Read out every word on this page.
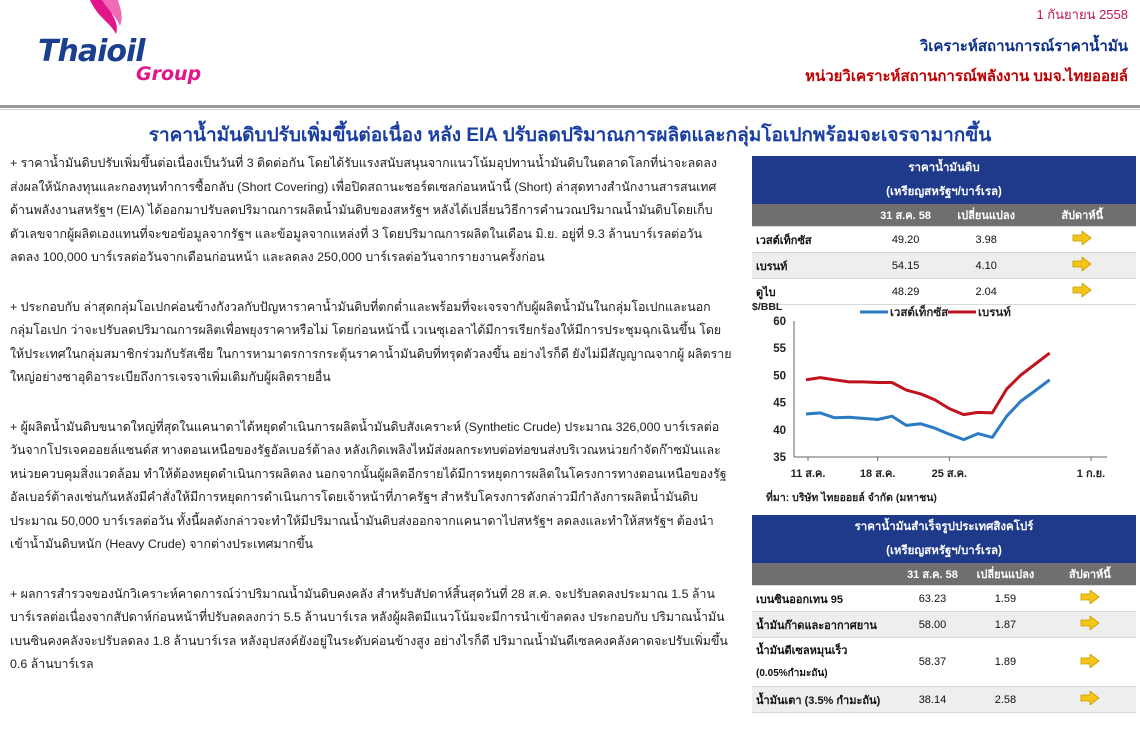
Thaioil
Group
1 กันยายน 2558
วิเคราะห์สถานการณ์ราคาน้ำมัน
หน่วยวิเคราะห์สถานการณ์พลังงาน บมจ.ไทยออยล์
ราคาน้ำมันดิบปรับเพิ่มขึ้นต่อเนื่อง หลัง EIA ปรับลดปริมาณการผลิตและกลุ่มโอเปกพร้อมจะเจรจามากขึ้น

+ ราคาน้ำมันดิบปรับเพิ่มขึ้นต่อเนื่องเป็นวันที่ 3 ติดต่อกัน โดยได้รับแรงสนับสนุนจากแนวโน้มอุปทานน้ำมันดิบในตลาดโลกที่น่าจะลดลง ส่งผลให้นักลงทุนและกองทุนทำการซื้อกลับ (Short Covering) เพื่อปิดสถานะชอร์ตเซลก่อนหน้านี้ (Short) ล่าสุดทางสำนักงานสารสนเทศด้านพลังงานสหรัฐฯ (EIA) ได้ออกมาปรับลดปริมาณการผลิตน้ำมันดิบของสหรัฐฯ หลังได้เปลี่ยนวิธีการคำนวณปริมาณน้ำมันดิบโดยเก็บตัวเลขจากผู้ผลิตเองแทนที่จะขอข้อมูลจากรัฐฯ และข้อมูลจากแหล่งที่ 3 โดยปริมาณการผลิตในเดือน มิ.ย. อยู่ที่ 9.3 ล้านบาร์เรลต่อวัน ลดลง 100,000 บาร์เรลต่อวันจากเดือนก่อนหน้า และลดลง 250,000 บาร์เรลต่อวันจากรายงานครั้งก่อน

+ ประกอบกับ ล่าสุดกลุ่มโอเปกค่อนข้างกังวลกับปัญหาราคาน้ำมันดิบที่ตกต่ำและพร้อมที่จะเจรจากับผู้ผลิตน้ำมันในกลุ่มโอเปกและนอกกลุ่มโอเปก ว่าจะปรับลดปริมาณการผลิตเพื่อพยุงราคาหรือไม่ โดยก่อนหน้านี้ เวเนซุเอลาได้มีการเรียกร้องให้มีการประชุมฉุกเฉินขึ้น โดยให้ประเทศในกลุ่มสมาชิกร่วมกับรัสเซีย ในการหามาตรการกระตุ้นราคาน้ำมันดิบที่ทรุดตัวลงขึ้น อย่างไรก็ดี ยังไม่มีสัญญาณจากผู้ ผลิตรายใหญ่อย่างซาอุดิอาระเบียถึงการเจรจาเพิ่มเติมกับผู้ผลิตรายอื่น

+ ผู้ผลิตน้ำมันดิบขนาดใหญ่ที่สุดในแคนาดาได้หยุดดำเนินการผลิตน้ำมันดิบสังเคราะห์ (Synthetic Crude) ประมาณ 326,000 บาร์เรลต่อวันจากโปรเจคออยล์แซนด์ส ทางตอนเหนือของรัฐอัลเบอร์ต้าลง หลังเกิดเพลิงไหม้ส่งผลกระทบต่อท่อขนส่งบริเวณหน่วยกำจัดก๊าซมันและหน่วยควบคุมสิ่งแวดล้อม ทำให้ต้องหยุดดำเนินการผลิตลง นอกจากนั้นผู้ผลิตอีกรายได้มีการหยุดการผลิตในโครงการทางตอนเหนือของรัฐอัลเบอร์ต้าลงเช่นกันหลังมีคำสั่งให้มีการหยุดการดำเนินการโดยเจ้าหน้าที่ภาครัฐฯ สำหรับโครงการดังกล่าวมีกำลังการผลิตน้ำมันดิบ ประมาณ 50,000 บาร์เรลต่อวัน ทั้งนี้ผลดังกล่าวจะทำให้มีปริมาณน้ำมันดิบส่งออกจากแคนาดาไปสหรัฐฯ ลดลงและทำให้สหรัฐฯ ต้องนำเข้าน้ำมันดิบหนัก (Heavy Crude) จากต่างประเทศมากขึ้น

+ ผลการสำรวจของนักวิเคราะห์คาดการณ์ว่าปริมาณน้ำมันดิบคงคลัง สำหรับสัปดาห์สิ้นสุดวันที่ 28 ส.ค. จะปรับลดลงประมาณ 1.5 ล้านบาร์เรลต่อเนื่องจากสัปดาห์ก่อนหน้าที่ปรับลดลงกว่า 5.5 ล้านบาร์เรล หลังผู้ผลิตมีแนวโน้มจะมีการนำเข้าลดลง ประกอบกับ ปริมาณน้ำมันเบนซินคงคลังจะปรับลดลง 1.8 ล้านบาร์เรล หลังอุปสงค์ยังอยู่ในระดับค่อนข้างสูง อย่างไรก็ดี ปริมาณน้ำมันดีเซลคงคลังคาดจะปรับเพิ่มขึ้น 0.6 ล้านบาร์เรล

ราคาน้ำมันดิบ			
(เหรียญสหรัฐฯ/บาร์เรล)			
	31 ส.ค. 58	เปลี่ยนแปลง	สัปดาห์นี้
เวสต์เท็กซัส	49.20	3.98	
เบรนท์	54.15	4.10	
ดูไบ	48.29	2.04	
$/BBL
35
40
45
50
55
60
11 ส.ค.	18 ส.ค.	25 ส.ค.	1 ก.ย.
เวสต์เท็กซัส	เบรนท์
ที่มา: บริษัท ไทยออยล์ จำกัด (มหาชน)
ราคาน้ำมันสำเร็จรูปประเทศสิงคโปร์			
(เหรียญสหรัฐฯ/บาร์เรล)			
	31 ส.ค. 58	เปลี่ยนแปลง	สัปดาห์นี้
เบนซินออกเทน 95	63.23	1.59	
น้ำมันก๊าดและอากาศยาน	58.00	1.87	
น้ำมันดีเซลหมุนเร็ว
(0.05%กำมะถัน)	58.37	1.89	
น้ำมันเตา (3.5% กำมะถัน)	38.14	2.58	
